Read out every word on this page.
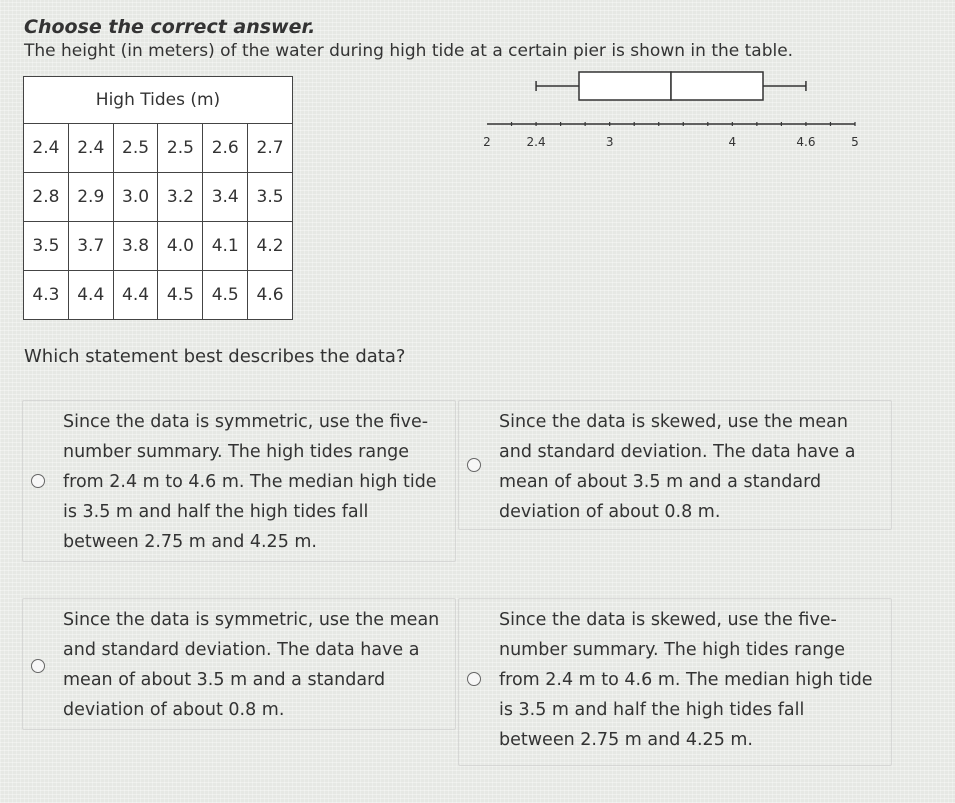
Choose the correct answer.
The height (in meters) of the water during high tide at a certain pier is shown in the table.
High Tides (m)					
2.4	2.4	2.5	2.5	2.6	2.7
2.8	2.9	3.0	3.2	3.4	3.5
3.5	3.7	3.8	4.0	4.1	4.2
4.3	4.4	4.4	4.5	4.5	4.6
2	2.4	3	4	4.6	5
Which statement best describes the data?
Since the data is symmetric, use the five-number summary. The high tides range from 2.4 m to 4.6 m. The median high tide is 3.5 m and half the high tides fall between 2.75 m and 4.25 m.
Since the data is skewed, use the mean and standard deviation. The data have a mean of about 3.5 m and a standard deviation of about 0.8 m.
Since the data is symmetric, use the mean and standard deviation. The data have a mean of about 3.5 m and a standard deviation of about 0.8 m.
Since the data is skewed, use the five-number summary. The high tides range from 2.4 m to 4.6 m. The median high tide is 3.5 m and half the high tides fall between 2.75 m and 4.25 m.
